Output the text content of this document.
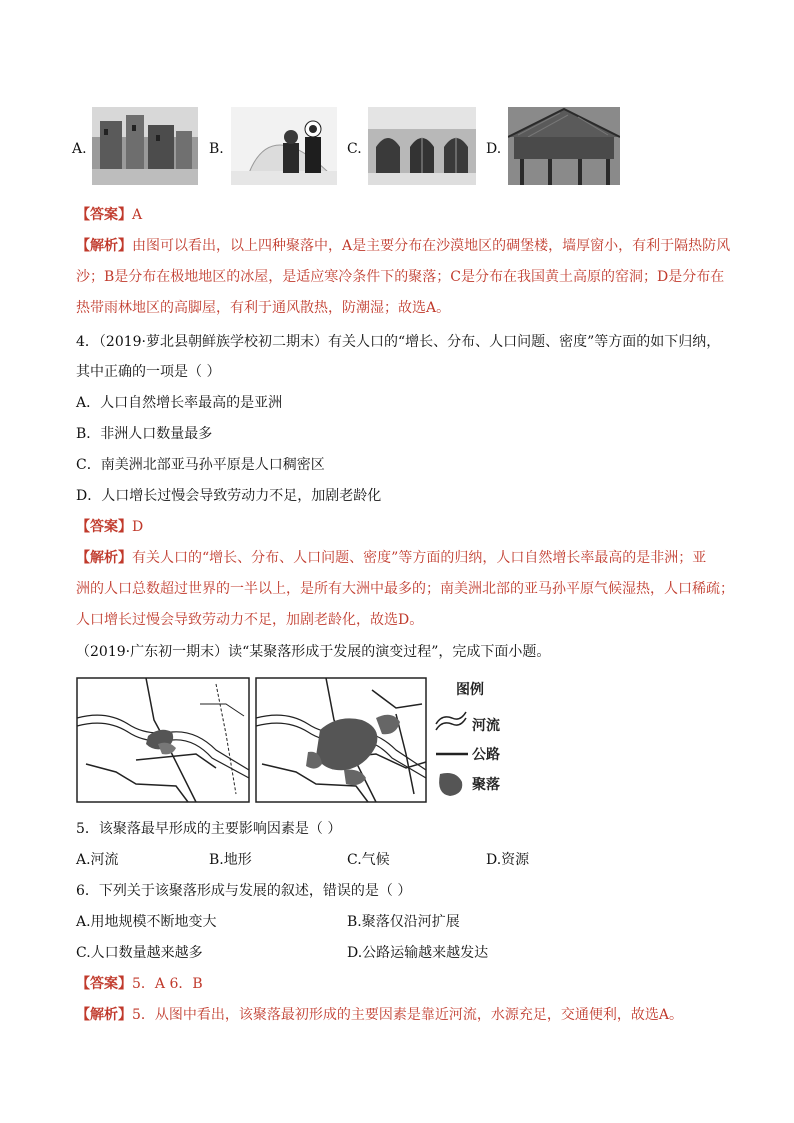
A.	B.	C.	D.
【答案】A
【解析】由图可以看出，以上四种聚落中，A是主要分布在沙漠地区的碉堡楼，墙厚窗小，有利于隔热防风
沙；B是分布在极地地区的冰屋，是适应寒冷条件下的聚落；C是分布在我国黄土高原的窑洞；D是分布在
热带雨林地区的高脚屋，有利于通风散热，防潮湿；故选A。
4．（2019·萝北县朝鲜族学校初二期末）有关人口的“增长、分布、人口问题、密度”等方面的如下归纳，
其中正确的一项是（ ）
A．人口自然增长率最高的是亚洲
B．非洲人口数量最多
C．南美洲北部亚马孙平原是人口稠密区
D．人口增长过慢会导致劳动力不足，加剧老龄化
【答案】D
【解析】有关人口的“增长、分布、人口问题、密度”等方面的归纳，人口自然增长率最高的是非洲；亚
洲的人口总数超过世界的一半以上，是所有大洲中最多的；南美洲北部的亚马孙平原气候湿热，人口稀疏；
人口增长过慢会导致劳动力不足，加剧老龄化，故选D。
（2019·广东初一期末）读“某聚落形成于发展的演变过程”，完成下面小题。
图例
河流
公路
聚落
5．该聚落最早形成的主要影响因素是（ ）
A.河流	B.地形	C.气候	D.资源
6．下列关于该聚落形成与发展的叙述，错误的是（ ）
A.用地规模不断地变大	B.聚落仅沿河扩展
C.人口数量越来越多	D.公路运输越来越发达
【答案】5．A 6．B
【解析】5．从图中看出，该聚落最初形成的主要因素是靠近河流，水源充足，交通便利，故选A。
